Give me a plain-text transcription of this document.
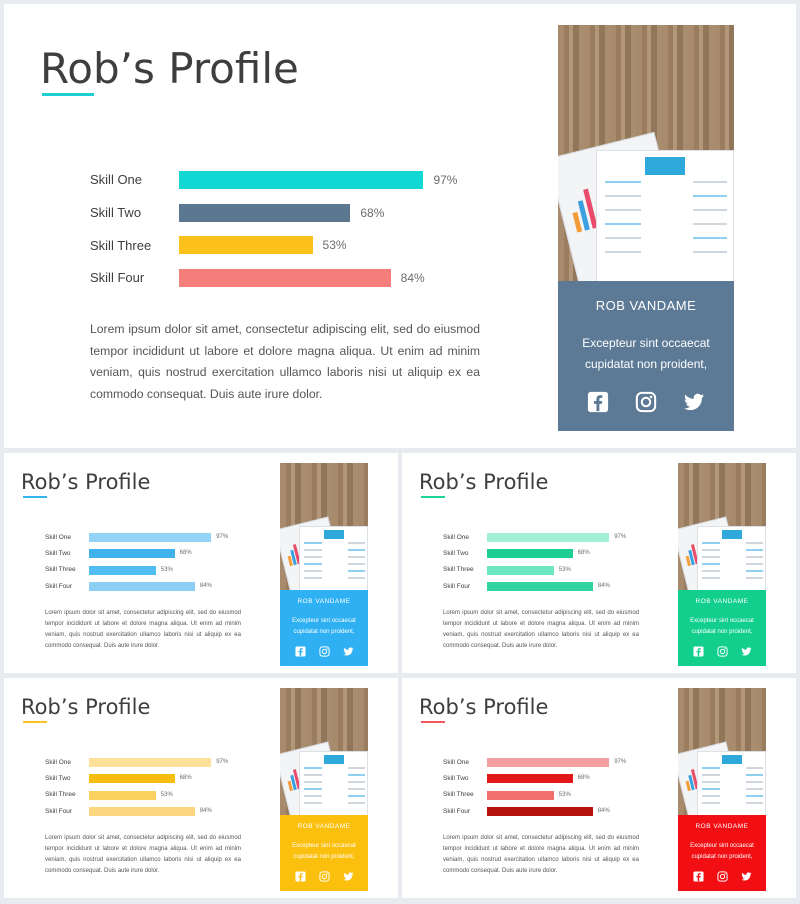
Rob’s Profile
Skill One	97%
Skill Two	68%
Skill Three	53%
Skill Four	84%
Lorem ipsum dolor sit amet, consectetur adipiscing elit, sed do eiusmod tempor incididunt ut labore et dolore magna aliqua. Ut enim ad minim veniam, quis nostrud exercitation ullamco laboris nisi ut aliquip ex ea commodo consequat. Duis aute irure dolor.
ROB VANDAME
Excepteur sint occaecat cupidatat non proident,
Rob’s Profile
Skill One	97%
Skill Two	68%
Skill Three	53%
Skill Four	84%
Lorem ipsum dolor sit amet, consectetur adipiscing elit, sed do eiusmod tempor incididunt ut labore et dolore magna aliqua. Ut enim ad minim veniam, quis nostrud exercitation ullamco laboris nisi ut aliquip ex ea commodo consequat. Duis aute irure dolor.
ROB VANDAME
Excepteur sint occaecat cupidatat non proident,
Rob’s Profile
Skill One	97%
Skill Two	68%
Skill Three	53%
Skill Four	84%
Lorem ipsum dolor sit amet, consectetur adipiscing elit, sed do eiusmod tempor incididunt ut labore et dolore magna aliqua. Ut enim ad minim veniam, quis nostrud exercitation ullamco laboris nisi ut aliquip ex ea commodo consequat. Duis aute irure dolor.
ROB VANDAME
Excepteur sint occaecat cupidatat non proident,
Rob’s Profile
Skill One	97%
Skill Two	68%
Skill Three	53%
Skill Four	84%
Lorem ipsum dolor sit amet, consectetur adipiscing elit, sed do eiusmod tempor incididunt ut labore et dolore magna aliqua. Ut enim ad minim veniam, quis nostrud exercitation ullamco laboris nisi ut aliquip ex ea commodo consequat. Duis aute irure dolor.
ROB VANDAME
Excepteur sint occaecat cupidatat non proident,
Rob’s Profile
Skill One	97%
Skill Two	68%
Skill Three	53%
Skill Four	84%
Lorem ipsum dolor sit amet, consectetur adipiscing elit, sed do eiusmod tempor incididunt ut labore et dolore magna aliqua. Ut enim ad minim veniam, quis nostrud exercitation ullamco laboris nisi ut aliquip ex ea commodo consequat. Duis aute irure dolor.
ROB VANDAME
Excepteur sint occaecat cupidatat non proident,
